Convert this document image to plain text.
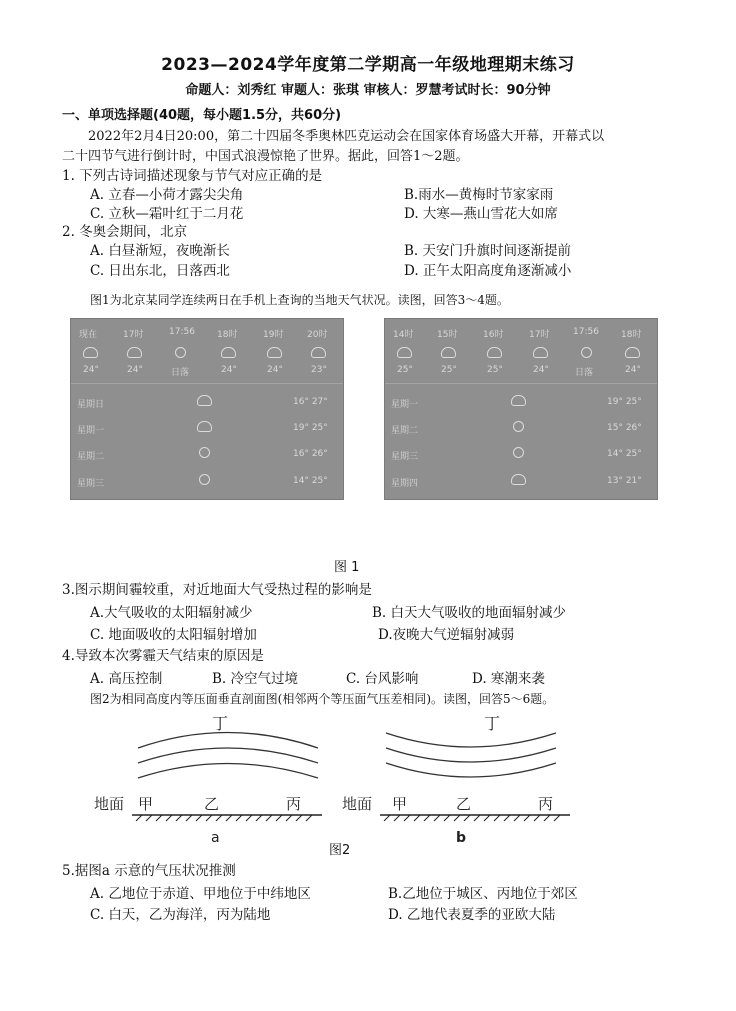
2023—2024学年度第二学期高一年级地理期末练习
命题人：刘秀红 审题人：张琪 审核人：罗慧考试时长：90分钟
一、单项选择题(40题，每小题1.5分，共60分)
2022年2月4日20:00，第二十四届冬季奥林匹克运动会在国家体育场盛大开幕，开幕式以
二十四节气进行倒计时，中国式浪漫惊艳了世界。据此，回答1～2题。
1. 下列古诗词描述现象与节气对应正确的是
A. 立春—小荷才露尖尖角	B.雨水—黄梅时节家家雨
C. 立秋—霜叶红于二月花	D. 大寒—燕山雪花大如席
2. 冬奥会期间，北京
A. 白昼渐短，夜晚渐长	B. 天安门升旗时间逐渐提前
C. 日出东北，日落西北	D. 正午太阳高度角逐渐减小
图1为北京某同学连续两日在手机上查询的当地天气状况。读图，回答3～4题。
现在	17时	17:56 18时	19时	20时
24°	24°	日落	24°	24°	23°
星期日	16° 27°
星期一	19° 25°
星期二	16° 26°
星期三	14° 25°
14时	15时	16时	17时	17:56 18时
25°	25°	25°	24°	日落	24°
星期一	19° 25°
星期二	15° 26°
星期三	14° 25°
星期四	13° 21°
图 1
3.图示期间霾较重，对近地面大气受热过程的影响是
A.大气吸收的太阳辐射减少	B. 白天大气吸收的地面辐射减少
C. 地面吸收的太阳辐射增加	D.夜晚大气逆辐射减弱
4.导致本次雾霾天气结束的原因是
A. 高压控制	B. 冷空气过境	C. 台风影响	D. 寒潮来袭
图2为相同高度内等压面垂直剖面图(相邻两个等压面气压差相同)。读图，回答5～6题。
丁
地面 甲	乙	丙
a
丁
地面 甲	乙	丙
b
图2
5.据图a 示意的气压状况推测
A. 乙地位于赤道、甲地位于中纬地区	B.乙地位于城区、丙地位于郊区
C. 白天，乙为海洋，丙为陆地	D. 乙地代表夏季的亚欧大陆
